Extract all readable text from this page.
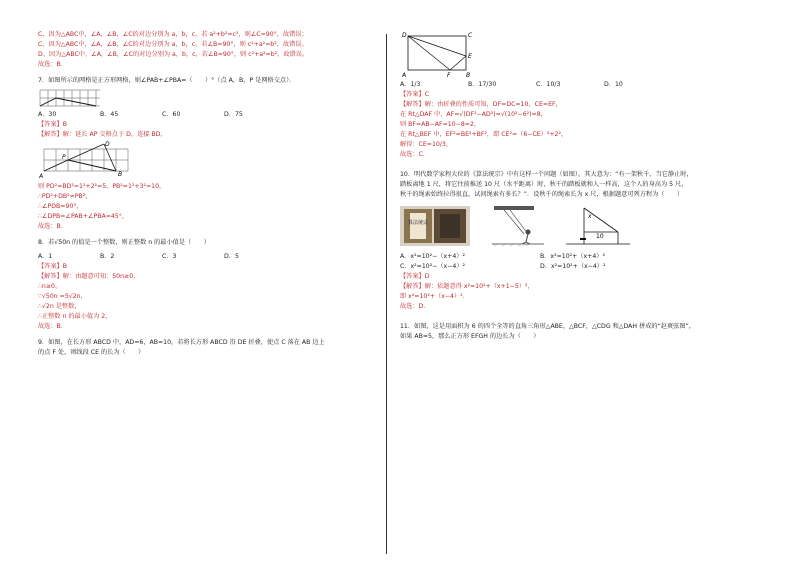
C、因为△ABC中，∠A，∠B，∠C的对边分别为 a，b，c，若 a²+b²=c²，则∠C=90°，故错误；
C、因为△ABC中，∠A，∠B，∠C的对边分别为 a，b，c，若∠B=90°，则 c²+a²=b²，故错误。
D、因为△ABC中，∠A，∠B，∠C的对边分别为 a，b，c，若∠B=90°，则 c²+a²=b²，故错误。
故选：B．
7．如图所示的网格是正方形网格，则∠PAB+∠PBA=（　　）°（点 A，B，P 是网格交点）．
A．30	B．45	C．60	D．75
【答案】B
【解答】解：延长 AP 交格点于 D，连接 BD，
D
P
A	B
则 PD²=BD²=1²+2²=5，PB²=1²+3²=10，
∴PD²+DB²=PB²，
∴∠PDB=90°，
∴∠DPB=∠PAB+∠PBA=45°，
故选：B．
8．若√50n 的值是一个整数，则正整数 n 的最小值是（　　）
A．1	B．2	C．3	D．5
【答案】B
【解答】解：由题意可知：50n≥0，
∴n≥0，
∵√50n =5√2n，
∴√2n 是整数，
∴正整数 n 的最小值为 2，
故选：B．
9．如图，在长方形 ABCD 中，AD=6，AB=10，若将长方形 ABCD 沿 DE 折叠，使点 C 落在 AB 边上
的点 F 处，则线段 CE 的长为（　　）
D	C
E
A	F	B
A．1/3	B．17/30	C．10/3	D．10
【答案】C
【解答】解：由折叠的性质可知，DF=DC=10，CE=EF，
在 Rt△DAF 中，AF=√(DF²−AD²)=√(10²−6²)=8，
则 BF=AB−AF=10−8=2，
在 Rt△BEF 中，EF²=BE²+BF²，即 CE²=（6−CE）²+2²，
解得：CE=10/3，
故选：C．
10．明代数学家程大位的《算法统宗》中有这样一个问题（如图），其大意为：“有一架秋千，当它静止时，
踏板离地 1 尺，将它往前推送 10 尺（水平距离）时，秋千的踏板就和人一样高，这个人的身高为 5 尺，
秋千的绳索始终拉得很直，试问绳索有多长？”．设秋千的绳索长为 x 尺，根据题意可列方程为（　　）
算法统宗
x
10
A．x²=10²−（x+4）²	B．x²=10²+（x+4）²
C．x²=10²−（x−4）²	D．x²=10²+（x−4）²
【答案】D
【解答】解：依题意得 x²=10²+（x+1−5）²，
即 x²=10²+（x−4）²．
故选：D．
11．如图，这是用面积为 6 的四个全等的直角三角形△ABE，△BCF，△CDG 和△DAH 拼成的“赵爽弦图”，
如果 AB=5，那么正方形 EFGH 的边长为（　　）
